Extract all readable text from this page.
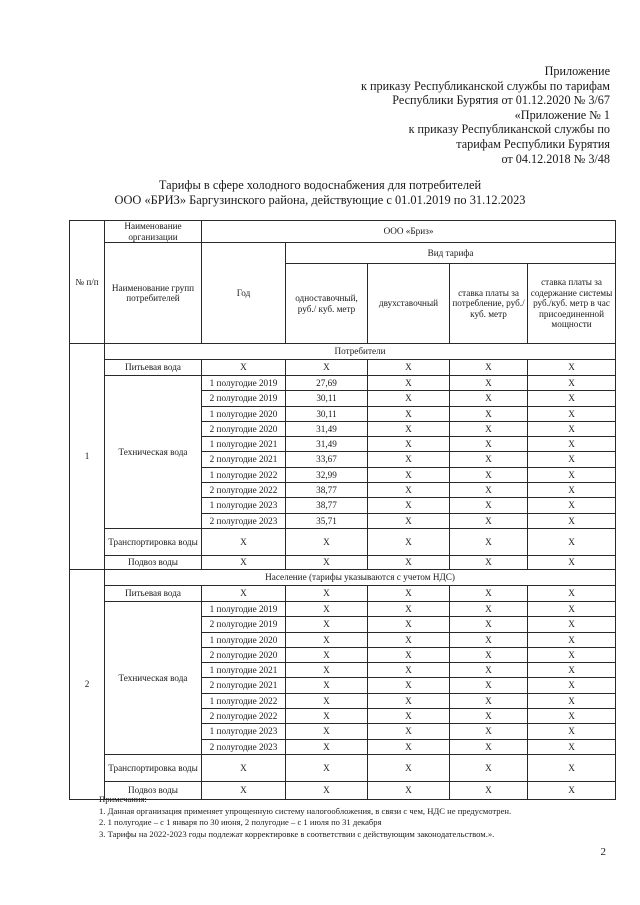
Приложение
к приказу Республиканской службы по тарифам
Республики Бурятия от 01.12.2020 № 3/67
«Приложение № 1
к приказу Республиканской службы по
тарифам Республики Бурятия
от 04.12.2018 № 3/48
Тарифы в сфере холодного водоснабжения для потребителей
ООО «БРИЗ» Баргузинского района, действующие с 01.01.2019 по 31.12.2023
№ п/п	Наименование организации	ООО «Бриз»				
	Наименование групп потребителей	Год	Вид тарифа			
			одноставочный, руб./ куб. метр	двухставочный	ставка платы за потребление, руб./ куб. метр	ставка платы за содержание системы руб./куб. метр в час присоединенной мощности
1	Потребители					
	Питьевая вода	X	X	X	X	X
	Техническая вода	1 полугодие 2019	27,69	X	X	X
		2 полугодие 2019	30,11	X	X	X
		1 полугодие 2020	30,11	X	X	X
		2 полугодие 2020	31,49	X	X	X
		1 полугодие 2021	31,49	X	X	X
		2 полугодие 2021	33,67	X	X	X
		1 полугодие 2022	32,99	X	X	X
		2 полугодие 2022	38,77	X	X	X
		1 полугодие 2023	38,77	X	X	X
		2 полугодие 2023	35,71	X	X	X
	Транспортировка воды	X	X	X	X	X
	Подвоз воды	X	X	X	X	X
2	Население (тарифы указываются с учетом НДС)					
	Питьевая вода	X	X	X	X	X
	Техническая вода	1 полугодие 2019	X	X	X	X
		2 полугодие 2019	X	X	X	X
		1 полугодие 2020	X	X	X	X
		2 полугодие 2020	X	X	X	X
		1 полугодие 2021	X	X	X	X
		2 полугодие 2021	X	X	X	X
		1 полугодие 2022	X	X	X	X
		2 полугодие 2022	X	X	X	X
		1 полугодие 2023	X	X	X	X
		2 полугодие 2023	X	X	X	X
	Транспортировка воды	X	X	X	X	X
	Подвоз воды	X	X	X	X	X
Примечания:
1. Данная организация применяет упрощенную систему налогообложения, в связи с чем, НДС не предусмотрен.
2. 1 полугодие – с 1 января по 30 июня, 2 полугодие – с 1 июля по 31 декабря
3. Тарифы на 2022-2023 годы подлежат корректировке в соответствии с действующим законодательством.».
2
